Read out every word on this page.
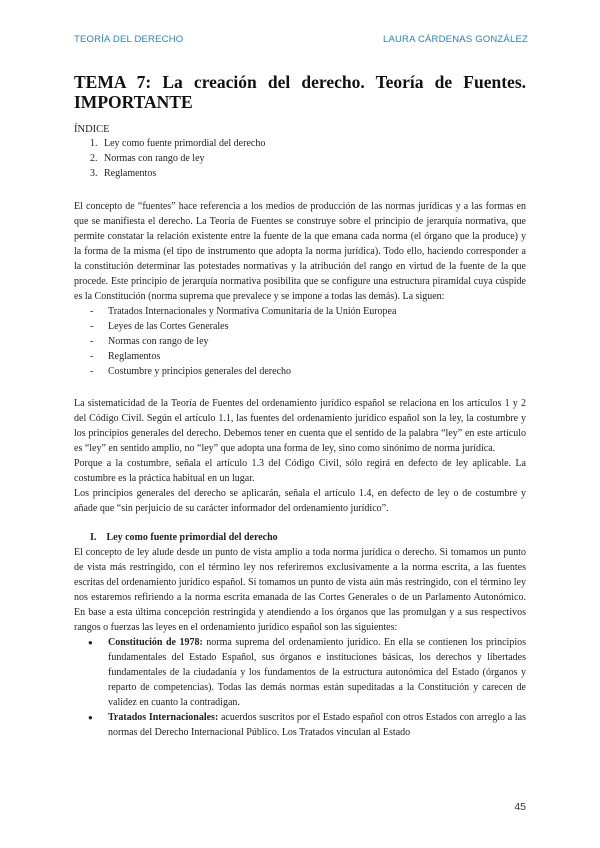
TEORÍA DEL DERECHO	LAURA CÁRDENAS GONZÁLEZ
TEMA 7: La creación del derecho. Teoría de Fuentes. IMPORTANTE

ÍNDICE

1. Ley como fuente primordial del derecho
2. Normas con rango de ley
3. Reglamentos

El concepto de “fuentes” hace referencia a los medios de producción de las normas jurídicas y a las formas en que se manifiesta el derecho. La Teoría de Fuentes se construye sobre el principio de jerarquía normativa, que permite constatar la relación existente entre la fuente de la que emana cada norma (el órgano que la produce) y la forma de la misma (el tipo de instrumento que adopta la norma jurídica). Todo ello, haciendo corresponder a la constitución determinar las potestades normativas y la atribución del rango en virtud de la fuente de la que procede. Este principio de jerarquía normativa posibilita que se configure una estructura piramidal cuya cúspide es la Constitución (norma suprema que prevalece y se impone a todas las demás). La siguen:

- Tratados Internacionales y Normativa Comunitaria de la Unión Europea
- Leyes de las Cortes Generales
- Normas con rango de ley
- Reglamentos
- Costumbre y principios generales del derecho

La sistematicidad de la Teoría de Fuentes del ordenamiento jurídico español se relaciona en los artículos 1 y 2 del Código Civil. Según el artículo 1.1, las fuentes del ordenamiento jurídico español son la ley, la costumbre y los principios generales del derecho. Debemos tener en cuenta que el sentido de la palabra “ley” en este artículo es “ley” en sentido amplio, no “ley” que adopta una forma de ley, sino como sinónimo de norma jurídica.

Porque a la costumbre, señala el artículo 1.3 del Código Civil, sólo regirá en defecto de ley aplicable. La costumbre es la práctica habitual en un lugar.

Los principios generales del derecho se aplicarán, señala el artículo 1.4, en defecto de ley o de costumbre y añade que “sin perjuicio de su carácter informador del ordenamiento jurídico”.

I. Ley como fuente primordial del derecho

El concepto de ley alude desde un punto de vista amplio a toda norma jurídica o derecho. Si tomamos un punto de vista más restringido, con el término ley nos referiremos exclusivamente a la norma escrita, a las fuentes escritas del ordenamiento jurídico español. Si tomamos un punto de vista aún más restringido, con el término ley nos estaremos refiriendo a la norma escrita emanada de las Cortes Generales o de un Parlamento Autonómico. En base a esta última concepción restringida y atendiendo a los órganos que las promulgan y a sus respectivos rangos o fuerzas las leyes en el ordenamiento jurídico español son las siguientes:

● Constitución de 1978: norma suprema del ordenamiento jurídico. En ella se contienen los principios fundamentales del Estado Español, sus órganos e instituciones básicas, los derechos y libertades fundamentales de la ciudadanía y los fundamentos de la estructura autonómica del Estado (órganos y reparto de competencias). Todas las demás normas están supeditadas a la Constitución y carecen de validez en cuanto la contradigan.
● Tratados Internacionales: acuerdos suscritos por el Estado español con otros Estados con arreglo a las normas del Derecho Internacional Público. Los Tratados vinculan al Estado
45
